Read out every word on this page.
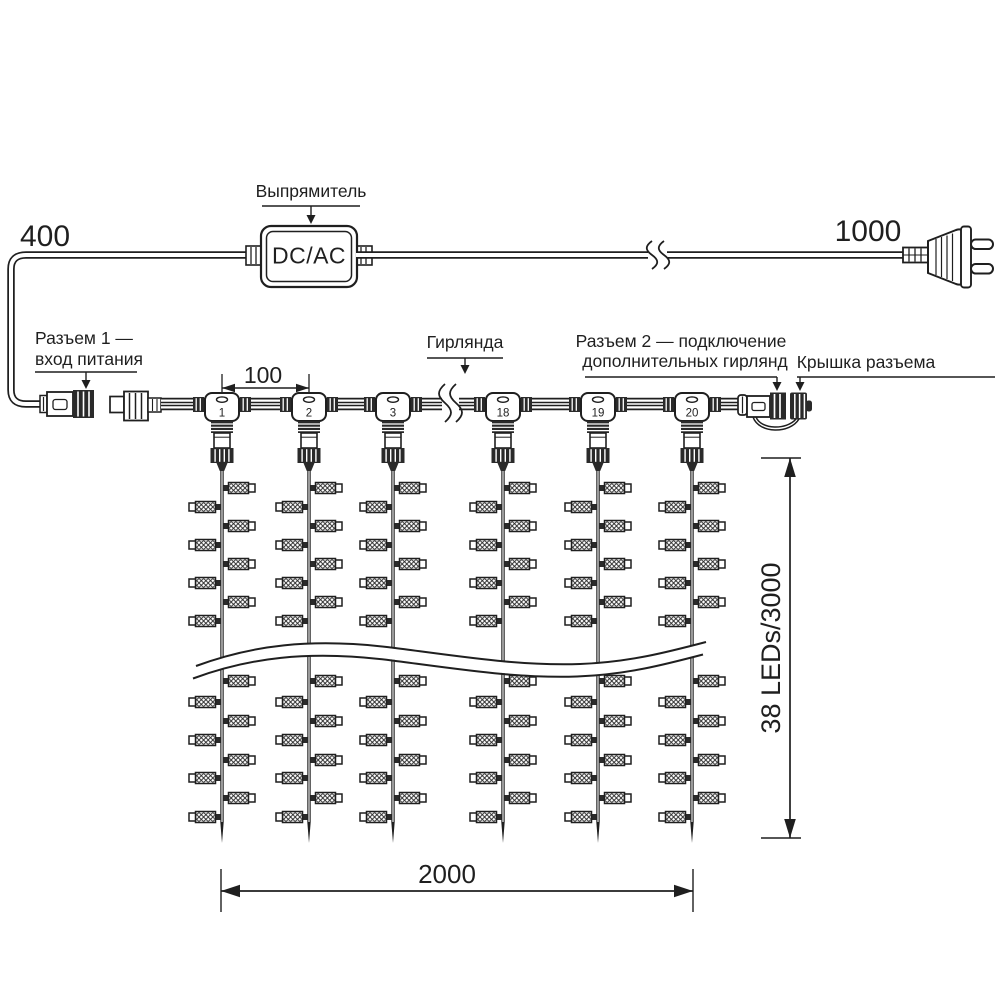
DC/AC
Выпрямитель
400	1000
Разъем 1 —
вход питания
Гирлянда	Разъем 2 — подключение
дополнительных гирлянд Крышка разъема
100
1	2	3	18	19	20
2000
38 LEDs/3000
